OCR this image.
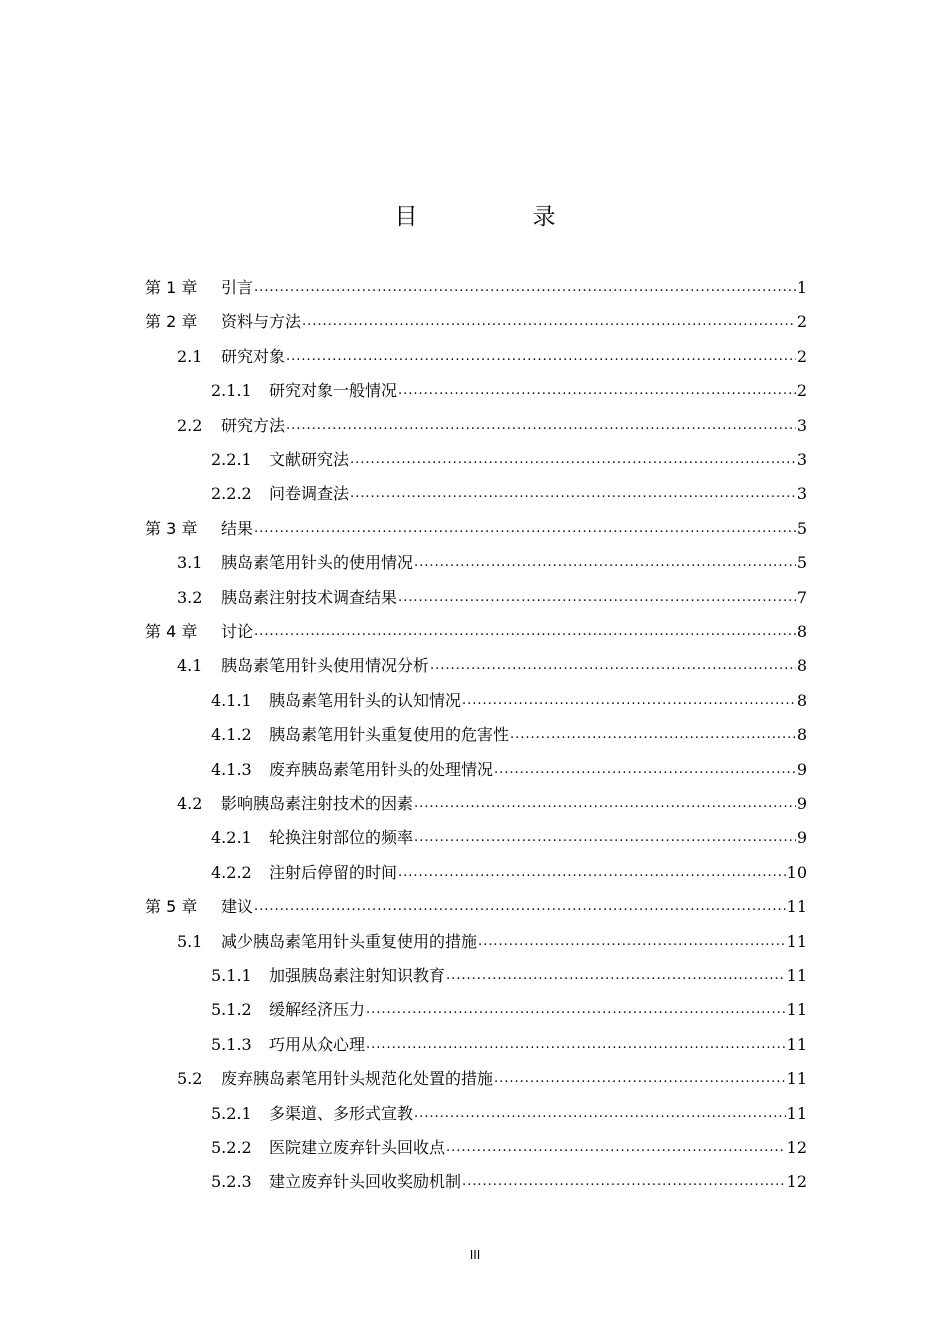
目　录
第 1 章	引言 .....	1
第 2 章	资料与方法 .....	2
2.1	研究对象 .....	2
2.1.1	研究对象一般情况 .....	2
2.2	研究方法 .....	3
2.2.1	文献研究法 .....	3
2.2.2	问卷调查法 .....	3
第 3 章	结果 .....	5
3.1	胰岛素笔用针头的使用情况 .....	5
3.2	胰岛素注射技术调查结果 .....	7
第 4 章	讨论 .....	8
4.1	胰岛素笔用针头使用情况分析 .....	8
4.1.1	胰岛素笔用针头的认知情况 .....	8
4.1.2	胰岛素笔用针头重复使用的危害性 .....	8
4.1.3	废弃胰岛素笔用针头的处理情况 .....	9
4.2	影响胰岛素注射技术的因素 .....	9
4.2.1	轮换注射部位的频率 .....	9
4.2.2	注射后停留的时间 .....	10
第 5 章	建议 .....	11
5.1	减少胰岛素笔用针头重复使用的措施 .....	11
5.1.1	加强胰岛素注射知识教育 .....	11
5.1.2	缓解经济压力 .....	11
5.1.3	巧用从众心理 .....	11
5.2	废弃胰岛素笔用针头规范化处置的措施 .....	11
5.2.1	多渠道、多形式宣教 .....	11
5.2.2	医院建立废弃针头回收点 .....	12
5.2.3	建立废弃针头回收奖励机制 .....	12
III
